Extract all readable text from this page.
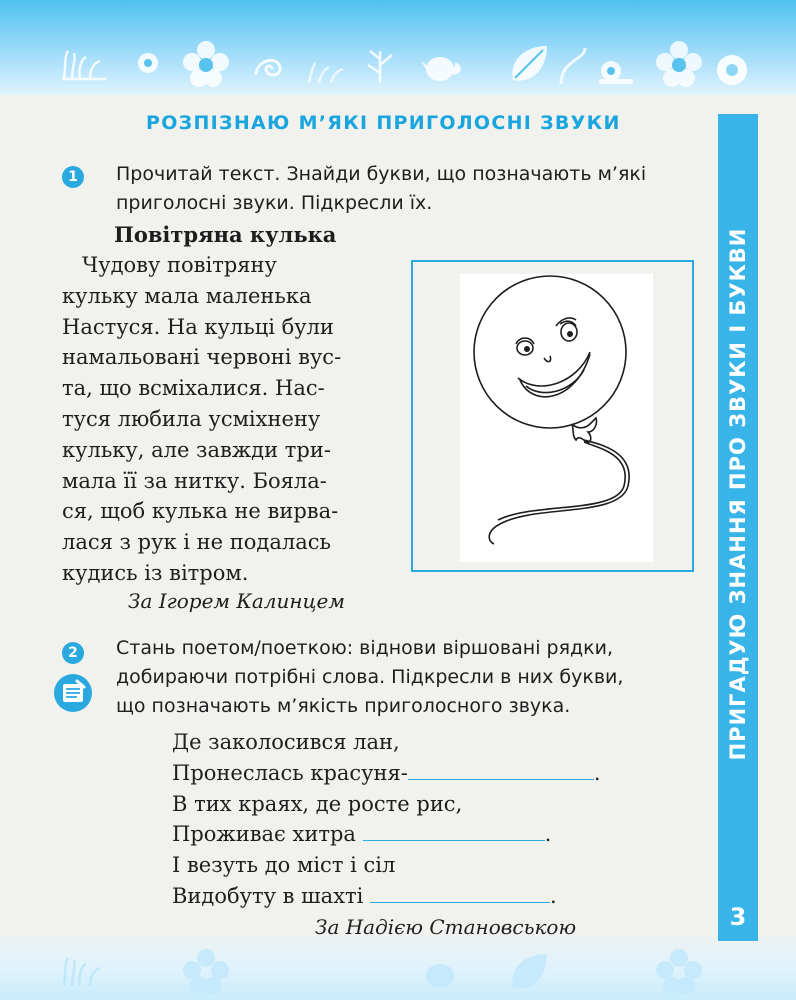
ПРИГАДУЮ ЗНАННЯ ПРО ЗВУКИ І БУКВИ
3
РОЗПІЗНАЮ М’ЯКІ ПРИГОЛОСНІ ЗВУКИ
1	Прочитай текст. Знайди букви, що позначають м’які
приголосні звуки. Підкресли їх.
Повітряна кулька
Чудову повітряну
кульку мала маленька
Настуся. На кульці були
намальовані червоні вус-
та, що всміхалися. Нас-
туся любила усміхнену
кульку, але завжди три-
мала її за нитку. Боялa-
ся, щоб кулька не вирва-
лася з рук і не подалась
кудись із вітром.
За Ігорем Калинцем
2	Стань поетом/поеткою: віднови віршовані рядки,
добираючи потрібні слова. Підкресли в них букви,
що позначають м’якість приголосного звука.
Де заколосився лан,
Пронеслась красуня-	.
В тих краях, де росте рис,
Проживає хитра	.
І везуть до міст і сіл
Видобуту в шахті	.
За Надією Становською
